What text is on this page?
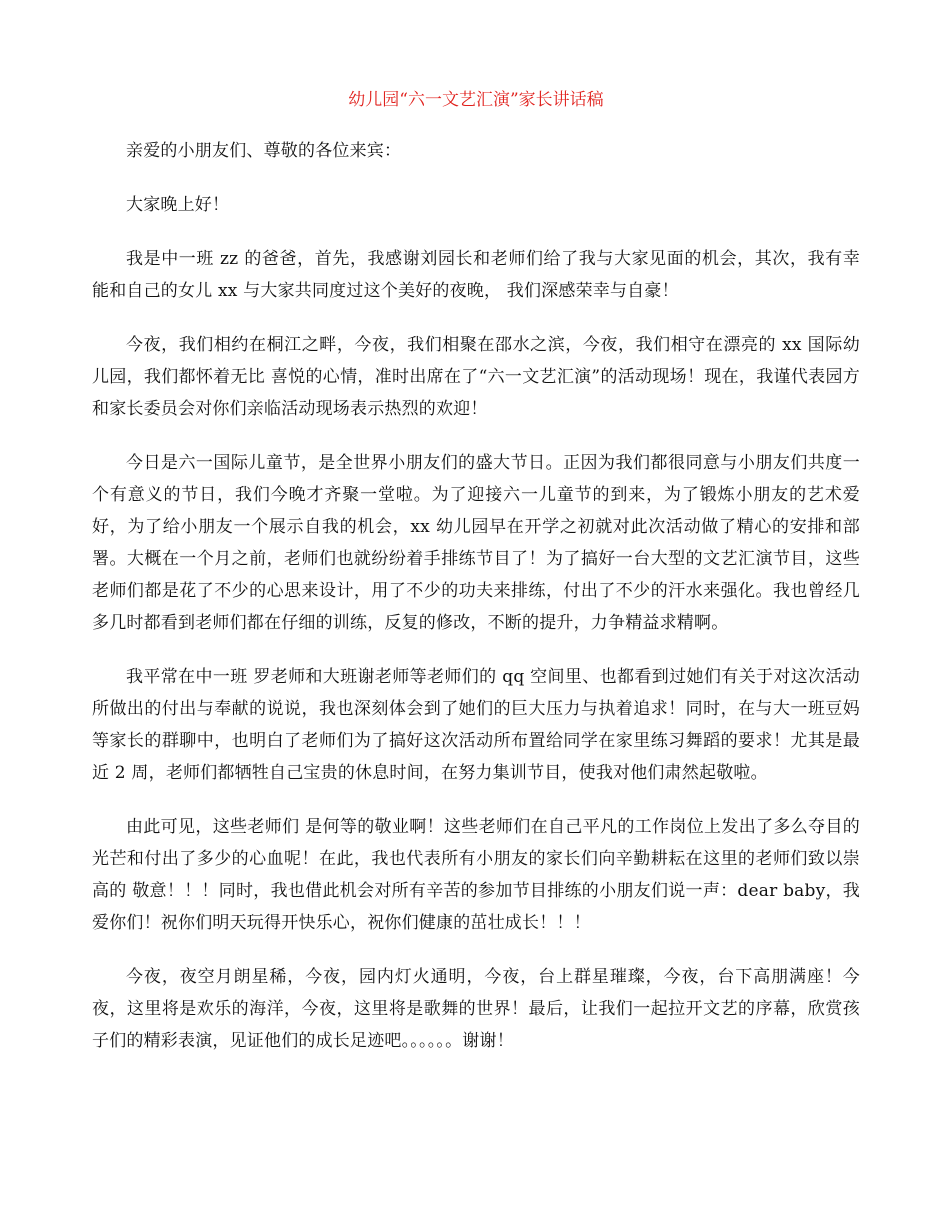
幼儿园“六一文艺汇演”家长讲话稿
亲爱的小朋友们、尊敬的各位来宾：
大家晚上好！
我是中一班 zz 的爸爸，首先，我感谢刘园长和老师们给了我与大家见面的机会，其次，我有幸能和自己的女儿 xx 与大家共同度过这个美好的夜晚， 我们深感荣幸与自豪！
今夜，我们相约在桐江之畔，今夜，我们相聚在邵水之滨，今夜，我们相守在漂亮的 xx 国际幼儿园，我们都怀着无比 喜悦的心情，准时出席在了“六一文艺汇演”的活动现场！现在，我谨代表园方和家长委员会对你们亲临活动现场表示热烈的欢迎！
今日是六一国际儿童节，是全世界小朋友们的盛大节日。正因为我们都很同意与小朋友们共度一个有意义的节日，我们今晚才齐聚一堂啦。为了迎接六一儿童节的到来，为了锻炼小朋友的艺术爱好，为了给小朋友一个展示自我的机会，xx 幼儿园早在开学之初就对此次活动做了精心的安排和部署。大概在一个月之前，老师们也就纷纷着手排练节目了！为了搞好一台大型的文艺汇演节目，这些老师们都是花了不少的心思来设计，用了不少的功夫来排练，付出了不少的汗水来强化。我也曾经几多几时都看到老师们都在仔细的训练，反复的修改，不断的提升，力争精益求精啊。
我平常在中一班 罗老师和大班谢老师等老师们的 qq 空间里、也都看到过她们有关于对这次活动所做出的付出与奉献的说说，我也深刻体会到了她们的巨大压力与执着追求！同时，在与大一班豆妈等家长的群聊中，也明白了老师们为了搞好这次活动所布置给同学在家里练习舞蹈的要求！尤其是最近 2 周，老师们都牺牲自己宝贵的休息时间，在努力集训节目，使我对他们肃然起敬啦。
由此可见，这些老师们 是何等的敬业啊！这些老师们在自己平凡的工作岗位上发出了多么夺目的光芒和付出了多少的心血呢！在此，我也代表所有小朋友的家长们向辛勤耕耘在这里的老师们致以崇高的 敬意！！！同时，我也借此机会对所有辛苦的参加节目排练的小朋友们说一声：dear baby，我爱你们！祝你们明天玩得开快乐心，祝你们健康的茁壮成长！！！
今夜，夜空月朗星稀，今夜，园内灯火通明，今夜，台上群星璀璨，今夜，台下高朋满座！今夜，这里将是欢乐的海洋，今夜，这里将是歌舞的世界！最后，让我们一起拉开文艺的序幕，欣赏孩子们的精彩表演，见证他们的成长足迹吧。。。。。。谢谢！
